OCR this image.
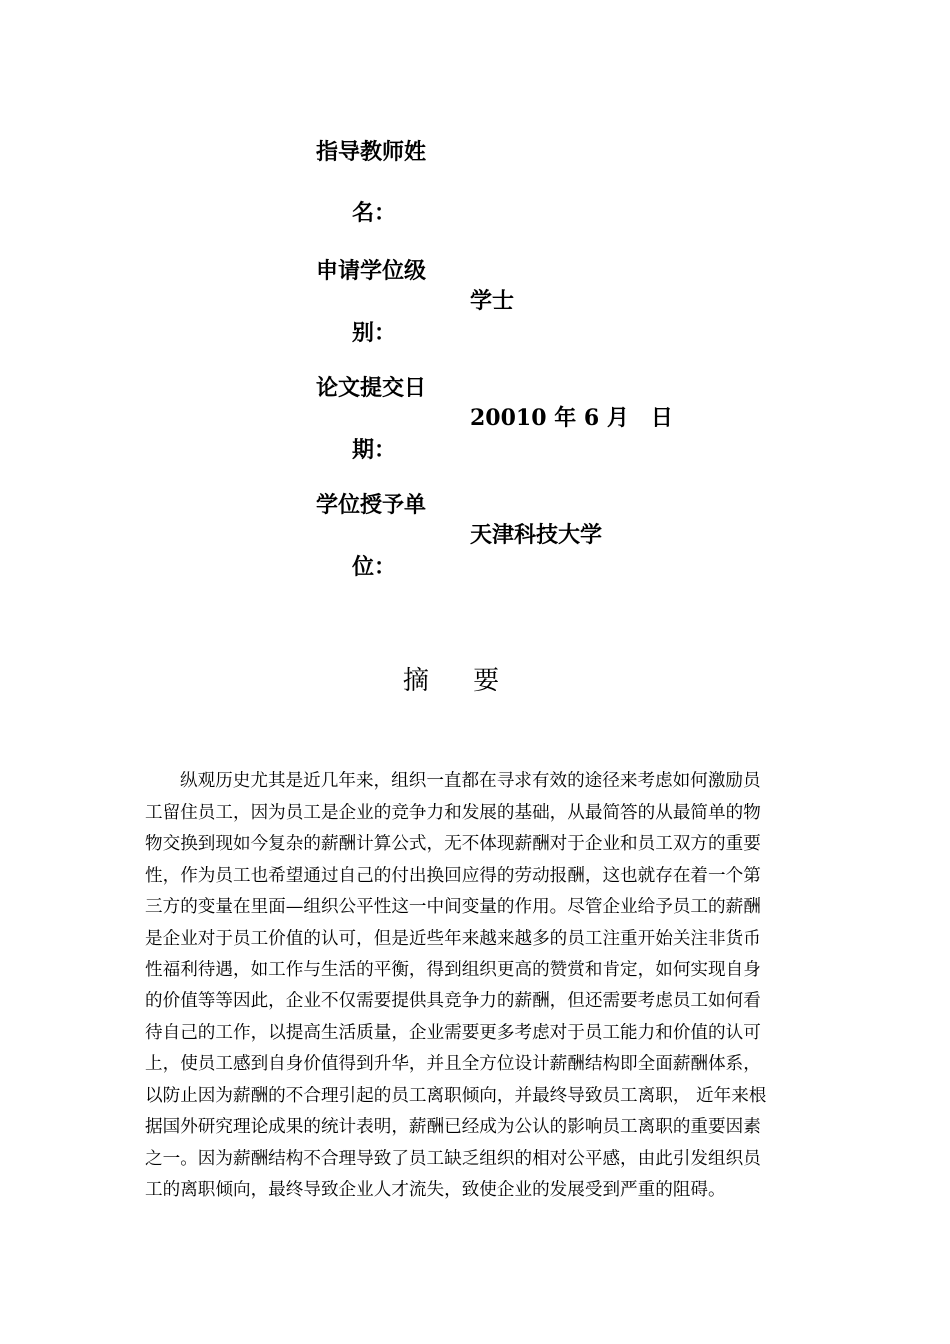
指导教师姓
名：
申请学位级
别：
学士
论文提交日
期：
20010 年 6 月　日
学位授予单
位：
天津科技大学
摘 要
纵观历史尤其是近几年来，组织一直都在寻求有效的途径来考虑如何激励员
工留住员工，因为员工是企业的竞争力和发展的基础，从最简答的从最简单的物
物交换到现如今复杂的薪酬计算公式，无不体现薪酬对于企业和员工双方的重要
性，作为员工也希望通过自己的付出换回应得的劳动报酬，这也就存在着一个第
三方的变量在里面—组织公平性这一中间变量的作用。尽管企业给予员工的薪酬
是企业对于员工价值的认可，但是近些年来越来越多的员工注重开始关注非货币
性福利待遇，如工作与生活的平衡，得到组织更高的赞赏和肯定，如何实现自身
的价值等等因此，企业不仅需要提供具竞争力的薪酬，但还需要考虑员工如何看
待自己的工作，以提高生活质量，企业需要更多考虑对于员工能力和价值的认可
上，使员工感到自身价值得到升华，并且全方位设计薪酬结构即全面薪酬体系，
以防止因为薪酬的不合理引起的员工离职倾向，并最终导致员工离职， 近年来根
据国外研究理论成果的统计表明，薪酬已经成为公认的影响员工离职的重要因素
之一。因为薪酬结构不合理导致了员工缺乏组织的相对公平感，由此引发组织员
工的离职倾向，最终导致企业人才流失，致使企业的发展受到严重的阻碍。
